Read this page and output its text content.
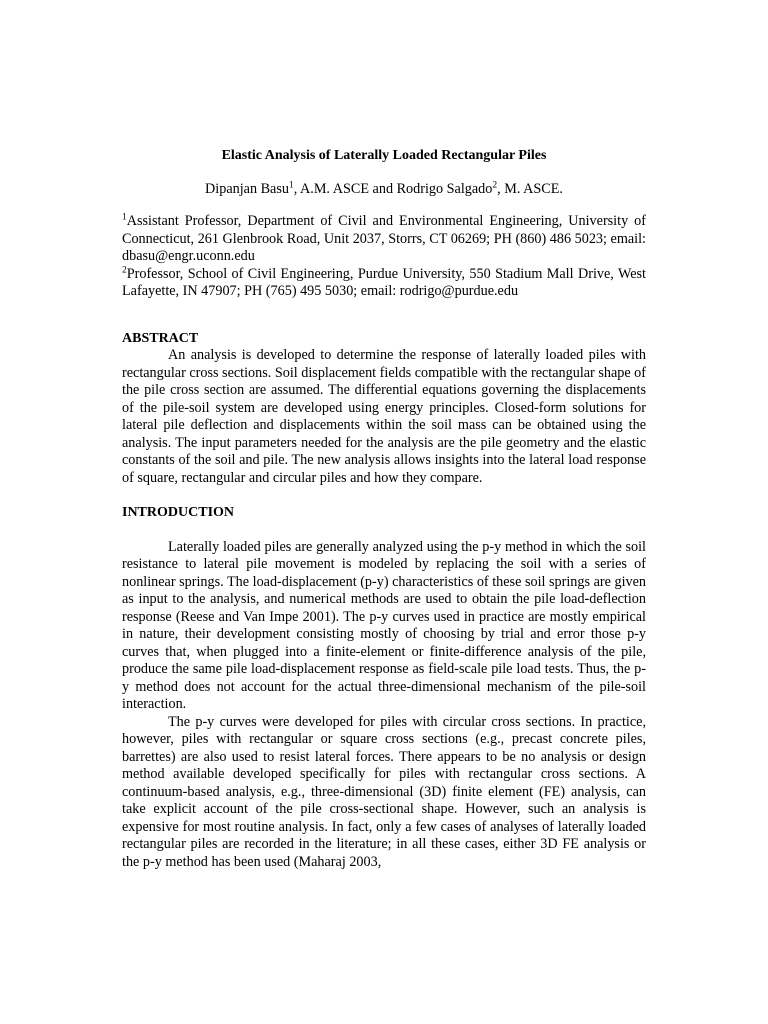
Elastic Analysis of Laterally Loaded Rectangular Piles

Dipanjan Basu$^1$, A.M. ASCE and Rodrigo Salgado$^2$, M. ASCE.

$^1$Assistant Professor, Department of Civil and Environmental Engineering, University of Connecticut, 261 Glenbrook Road, Unit 2037, Storrs, CT 06269; PH (860) 486 5023; email: dbasu@engr.uconn.edu

$^2$Professor, School of Civil Engineering, Purdue University, 550 Stadium Mall Drive, West Lafayette, IN 47907; PH (765) 495 5030; email: rodrigo@purdue.edu

ABSTRACT

An analysis is developed to determine the response of laterally loaded piles with rectangular cross sections. Soil displacement fields compatible with the rectangular shape of the pile cross section are assumed. The differential equations governing the displacements of the pile-soil system are developed using energy principles. Closed-form solutions for lateral pile deflection and displacements within the soil mass can be obtained using the analysis. The input parameters needed for the analysis are the pile geometry and the elastic constants of the soil and pile. The new analysis allows insights into the lateral load response of square, rectangular and circular piles and how they compare.

INTRODUCTION

Laterally loaded piles are generally analyzed using the p-y method in which the soil resistance to lateral pile movement is modeled by replacing the soil with a series of nonlinear springs. The load-displacement (p-y) characteristics of these soil springs are given as input to the analysis, and numerical methods are used to obtain the pile load-deflection response (Reese and Van Impe 2001). The p-y curves used in practice are mostly empirical in nature, their development consisting mostly of choosing by trial and error those p-y curves that, when plugged into a finite-element or finite-difference analysis of the pile, produce the same pile load-displacement response as field-scale pile load tests. Thus, the p-y method does not account for the actual three-dimensional mechanism of the pile-soil interaction.

The p-y curves were developed for piles with circular cross sections. In practice, however, piles with rectangular or square cross sections (e.g., precast concrete piles, barrettes) are also used to resist lateral forces. There appears to be no analysis or design method available developed specifically for piles with rectangular cross sections. A continuum-based analysis, e.g., three-dimensional (3D) finite element (FE) analysis, can take explicit account of the pile cross-sectional shape. However, such an analysis is expensive for most routine analysis. In fact, only a few cases of analyses of laterally loaded rectangular piles are recorded in the literature; in all these cases, either 3D FE analysis or the p-y method has been used (Maharaj 2003,
